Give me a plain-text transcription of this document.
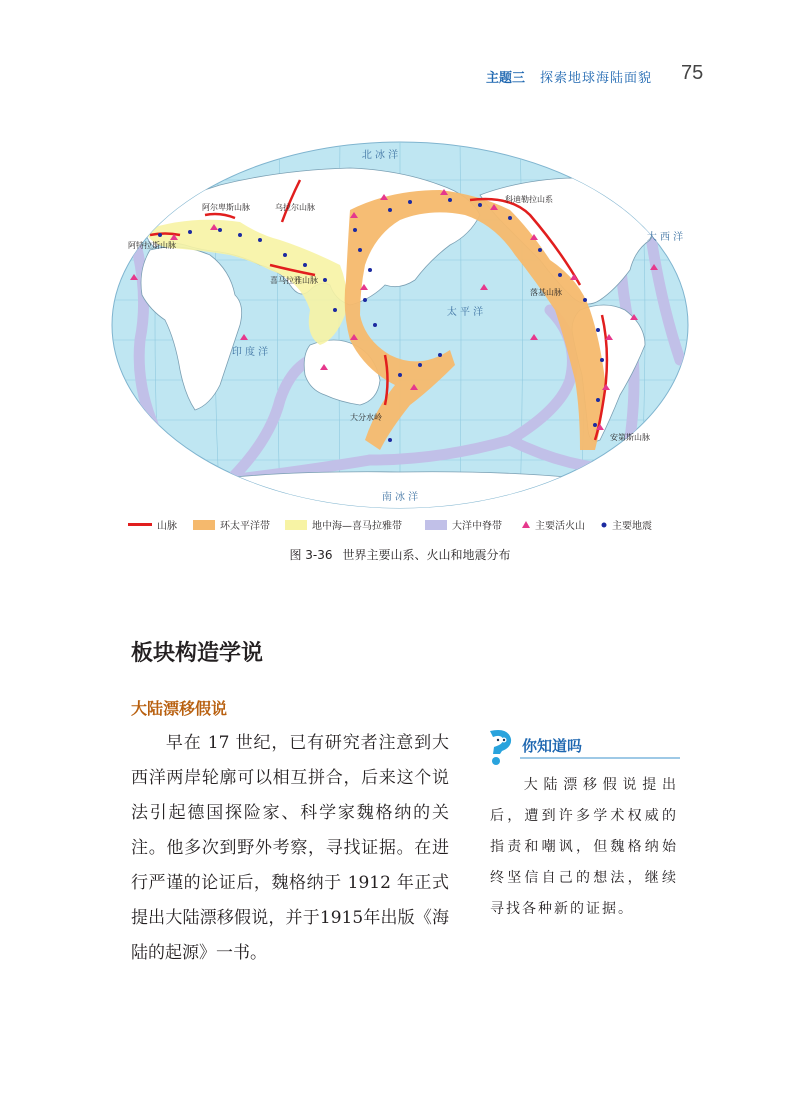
主题三 探索地球海陆面貌 75
北 冰 洋
太 平 洋
大 西 洋
印 度 洋
南 冰 洋
乌拉尔山脉
阿尔卑斯山脉
阿特拉斯山脉
喜马拉雅山脉
大分水岭
落基山脉
安第斯山脉
科迪勒拉山系
山脉	环太平洋带	地中海—喜马拉雅带	大洋中脊带	主要活火山	主要地震
图 3-36 世界主要山系、火山和地震分布
板块构造学说
大陆漂移假说
早在 17 世纪，已有研究者注意到大西洋两岸轮廓可以相互拼合，后来这个说法引起德国探险家、科学家魏格纳的关注。他多次到野外考察，寻找证据。在进行严谨的论证后，魏格纳于 1912 年正式提出大陆漂移假说，并于1915年出版《海陆的起源》一书。
你知道吗
大陆漂移假说提出后，遭到许多学术权威的指责和嘲讽，但魏格纳始终坚信自己的想法，继续寻找各种新的证据。
